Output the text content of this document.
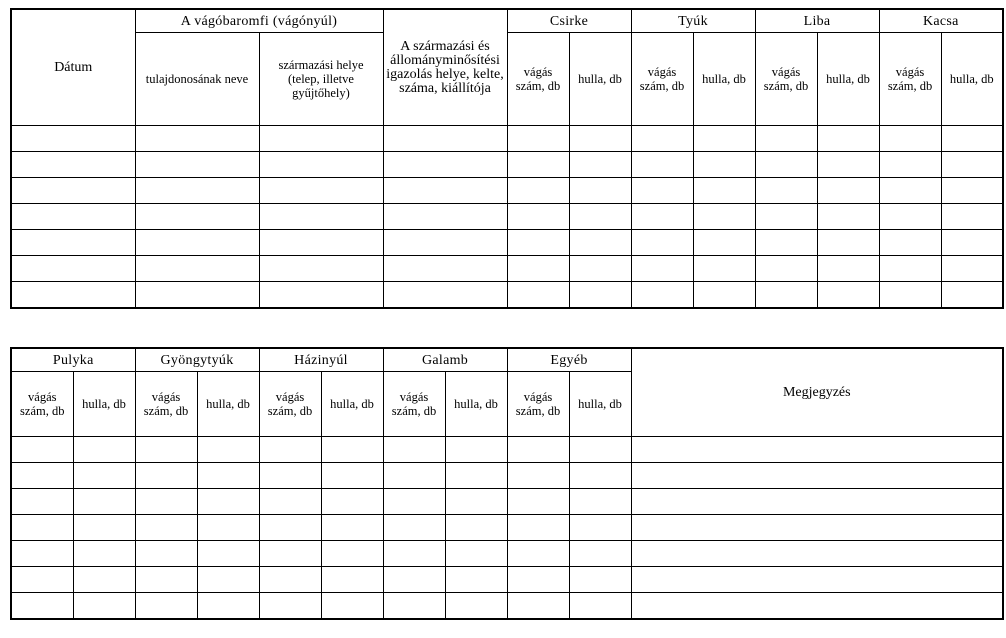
Dátum	A vágóbaromfi (vágónyúl)		A származási és állományminősítési igazolás helye, kelte, száma, kiállítója	Csirke		Tyúk		Liba		Kacsa	
	tulajdonosának neve	származási helye (telep, illetve gyűjtőhely)		vágás szám, db	hulla, db	vágás szám, db	hulla, db	vágás szám, db	hulla, db	vágás szám, db	hulla, db

Pulyka		Gyöngytyúk		Házinyúl		Galamb		Egyéb		Megjegyzés
vágás szám, db	hulla, db	vágás szám, db	hulla, db	vágás szám, db	hulla, db	vágás szám, db	hulla, db	vágás szám, db	hulla, db	
